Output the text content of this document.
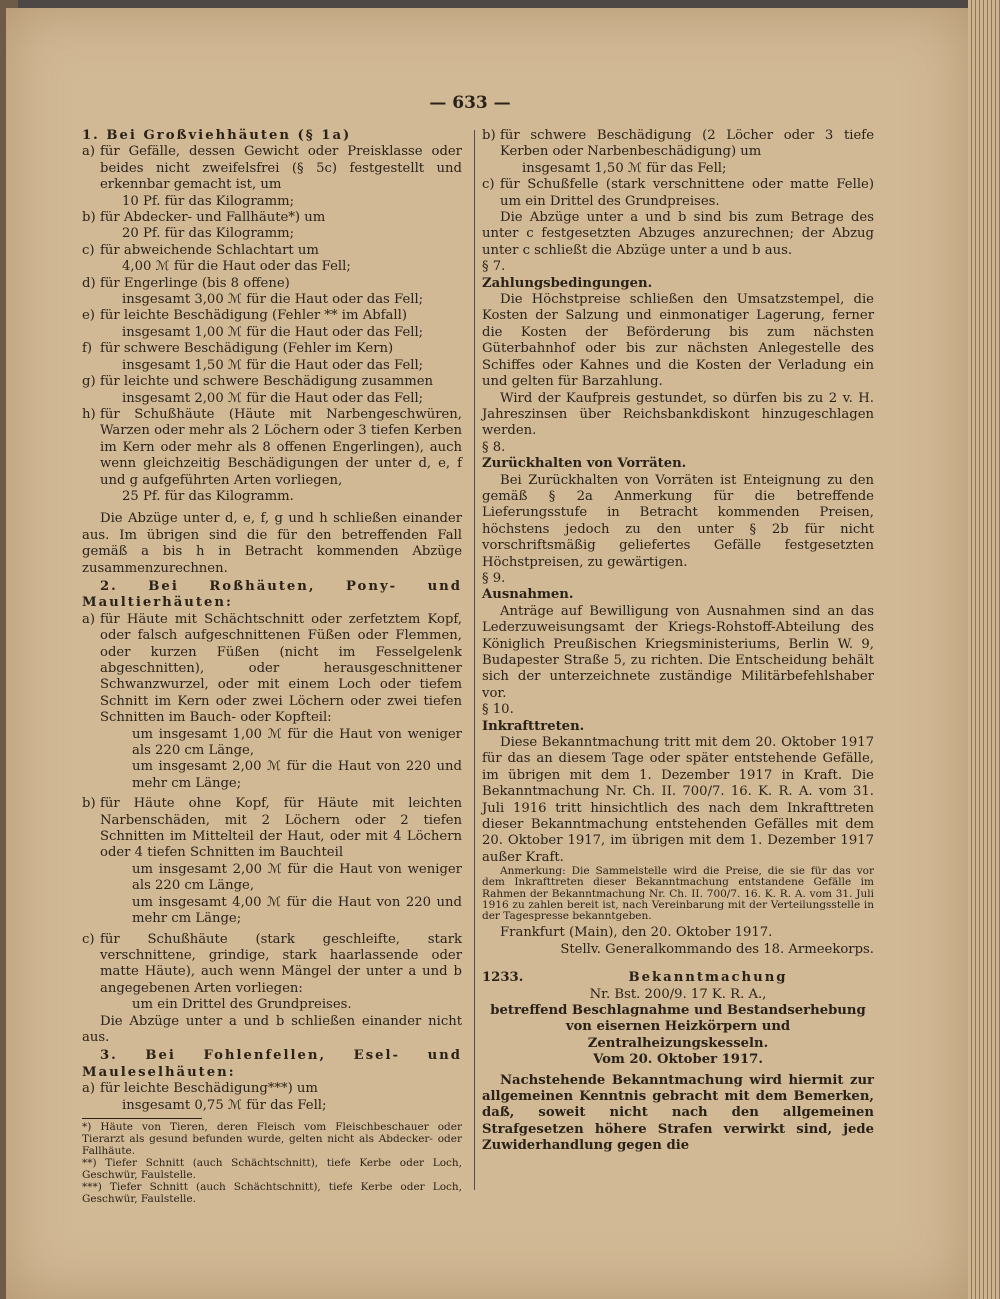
— 633 —

1. Bei Großviehhäuten (§ 1a)

a) für Gefälle, dessen Gewicht oder Preisklasse oder beides nicht zweifelsfrei (§ 5c) festgestellt und erkennbar gemacht ist, um

10 Pf. für das Kilogramm;

b) für Abdecker- und Fallhäute*) um

20 Pf. für das Kilogramm;

c) für abweichende Schlachtart um

4,00 ℳ für die Haut oder das Fell;

d) für Engerlinge (bis 8 offene)

insgesamt 3,00 ℳ für die Haut oder das Fell;

e) für leichte Beschädigung (Fehler ** im Abfall)

insgesamt 1,00 ℳ für die Haut oder das Fell;

f) für schwere Beschädigung (Fehler im Kern)

insgesamt 1,50 ℳ für die Haut oder das Fell;

g) für leichte und schwere Beschädigung zusammen

insgesamt 2,00 ℳ für die Haut oder das Fell;

h) für Schußhäute (Häute mit Narbengeschwüren, Warzen oder mehr als 2 Löchern oder 3 tiefen Kerben im Kern oder mehr als 8 offenen Engerlingen), auch wenn gleichzeitig Beschädigungen der unter d, e, f und g aufgeführten Arten vorliegen,

25 Pf. für das Kilogramm.

Die Abzüge unter d, e, f, g und h schließen einander aus. Im übrigen sind die für den betreffenden Fall gemäß a bis h in Betracht kommenden Abzüge zusammenzurechnen.

2. Bei Roßhäuten, Pony- und Maultierhäuten:

a) für Häute mit Schächtschnitt oder zerfetztem Kopf, oder falsch aufgeschnittenen Füßen oder Flemmen, oder kurzen Füßen (nicht im Fesselgelenk abgeschnitten), oder herausgeschnittener Schwanzwurzel, oder mit einem Loch oder tiefem Schnitt im Kern oder zwei Löchern oder zwei tiefen Schnitten im Bauch- oder Kopfteil:

um insgesamt 1,00 ℳ für die Haut von weniger als 220 cm Länge,

um insgesamt 2,00 ℳ für die Haut von 220 und mehr cm Länge;

b) für Häute ohne Kopf, für Häute mit leichten Narbenschäden, mit 2 Löchern oder 2 tiefen Schnitten im Mittelteil der Haut, oder mit 4 Löchern oder 4 tiefen Schnitten im Bauchteil

um insgesamt 2,00 ℳ für die Haut von weniger als 220 cm Länge,

um insgesamt 4,00 ℳ für die Haut von 220 und mehr cm Länge;

c) für Schußhäute (stark geschleifte, stark verschnittene, grindige, stark haarlassende oder matte Häute), auch wenn Mängel der unter a und b angegebenen Arten vorliegen:

um ein Drittel des Grundpreises.

Die Abzüge unter a und b schließen einander nicht aus.

3. Bei Fohlenfellen, Esel- und Mauleselhäuten:

a) für leichte Beschädigung***) um

insgesamt 0,75 ℳ für das Fell;

*) Häute von Tieren, deren Fleisch vom Fleischbeschauer oder Tierarzt als gesund befunden wurde, gelten nicht als Abdecker- oder Fallhäute.

**) Tiefer Schnitt (auch Schächtschnitt), tiefe Kerbe oder Loch, Geschwür, Faulstelle.

***) Tiefer Schnitt (auch Schächtschnitt), tiefe Kerbe oder Loch, Geschwür, Faulstelle.

b) für schwere Beschädigung (2 Löcher oder 3 tiefe Kerben oder Narbenbeschädigung) um

insgesamt 1,50 ℳ für das Fell;

c) für Schußfelle (stark verschnittene oder matte Felle) um ein Drittel des Grundpreises.

Die Abzüge unter a und b sind bis zum Betrage des unter c festgesetzten Abzuges anzurechnen; der Abzug unter c schließt die Abzüge unter a und b aus.

§ 7.

Zahlungsbedingungen.

Die Höchstpreise schließen den Umsatzstempel, die Kosten der Salzung und einmonatiger Lagerung, ferner die Kosten der Beförderung bis zum nächsten Güterbahnhof oder bis zur nächsten Anlegestelle des Schiffes oder Kahnes und die Kosten der Verladung ein und gelten für Barzahlung.

Wird der Kaufpreis gestundet, so dürfen bis zu 2 v. H. Jahreszinsen über Reichsbankdiskont hinzugeschlagen werden.

§ 8.

Zurückhalten von Vorräten.

Bei Zurückhalten von Vorräten ist Enteignung zu den gemäß § 2a Anmerkung für die betreffende Lieferungsstufe in Betracht kommenden Preisen, höchstens jedoch zu den unter § 2b für nicht vorschriftsmäßig geliefertes Gefälle festgesetzten Höchstpreisen, zu gewärtigen.

§ 9.

Ausnahmen.

Anträge auf Bewilligung von Ausnahmen sind an das Lederzuweisungsamt der Kriegs-Rohstoff-Abteilung des Königlich Preußischen Kriegsministeriums, Berlin W. 9, Budapester Straße 5, zu richten. Die Entscheidung behält sich der unterzeichnete zuständige Militärbefehlshaber vor.

§ 10.

Inkrafttreten.

Diese Bekanntmachung tritt mit dem 20. Oktober 1917 für das an diesem Tage oder später entstehende Gefälle, im übrigen mit dem 1. Dezember 1917 in Kraft. Die Bekanntmachung Nr. Ch. II. 700/7. 16. K. R. A. vom 31. Juli 1916 tritt hinsichtlich des nach dem Inkrafttreten dieser Bekanntmachung entstehenden Gefälles mit dem 20. Oktober 1917, im übrigen mit dem 1. Dezember 1917 außer Kraft.

Anmerkung: Die Sammelstelle wird die Preise, die sie für das vor dem Inkrafttreten dieser Bekanntmachung entstandene Gefälle im Rahmen der Bekanntmachung Nr. Ch. II. 700/7. 16. K. R. A. vom 31. Juli 1916 zu zahlen bereit ist, nach Vereinbarung mit der Verteilungsstelle in der Tagespresse bekanntgeben.

Frankfurt (Main), den 20. Oktober 1917.

Stellv. Generalkommando des 18. Armeekorps.

1233.	Bekanntmachung

Nr. Bst. 200/9. 17 K. R. A.,

betreffend Beschlagnahme und Bestandserhebung von eisernen Heizkörpern und Zentralheizungskesseln.

Vom 20. Oktober 1917.

Nachstehende Bekanntmachung wird hiermit zur allgemeinen Kenntnis gebracht mit dem Bemerken, daß, soweit nicht nach den allgemeinen Strafgesetzen höhere Strafen verwirkt sind, jede Zuwiderhandlung gegen die
